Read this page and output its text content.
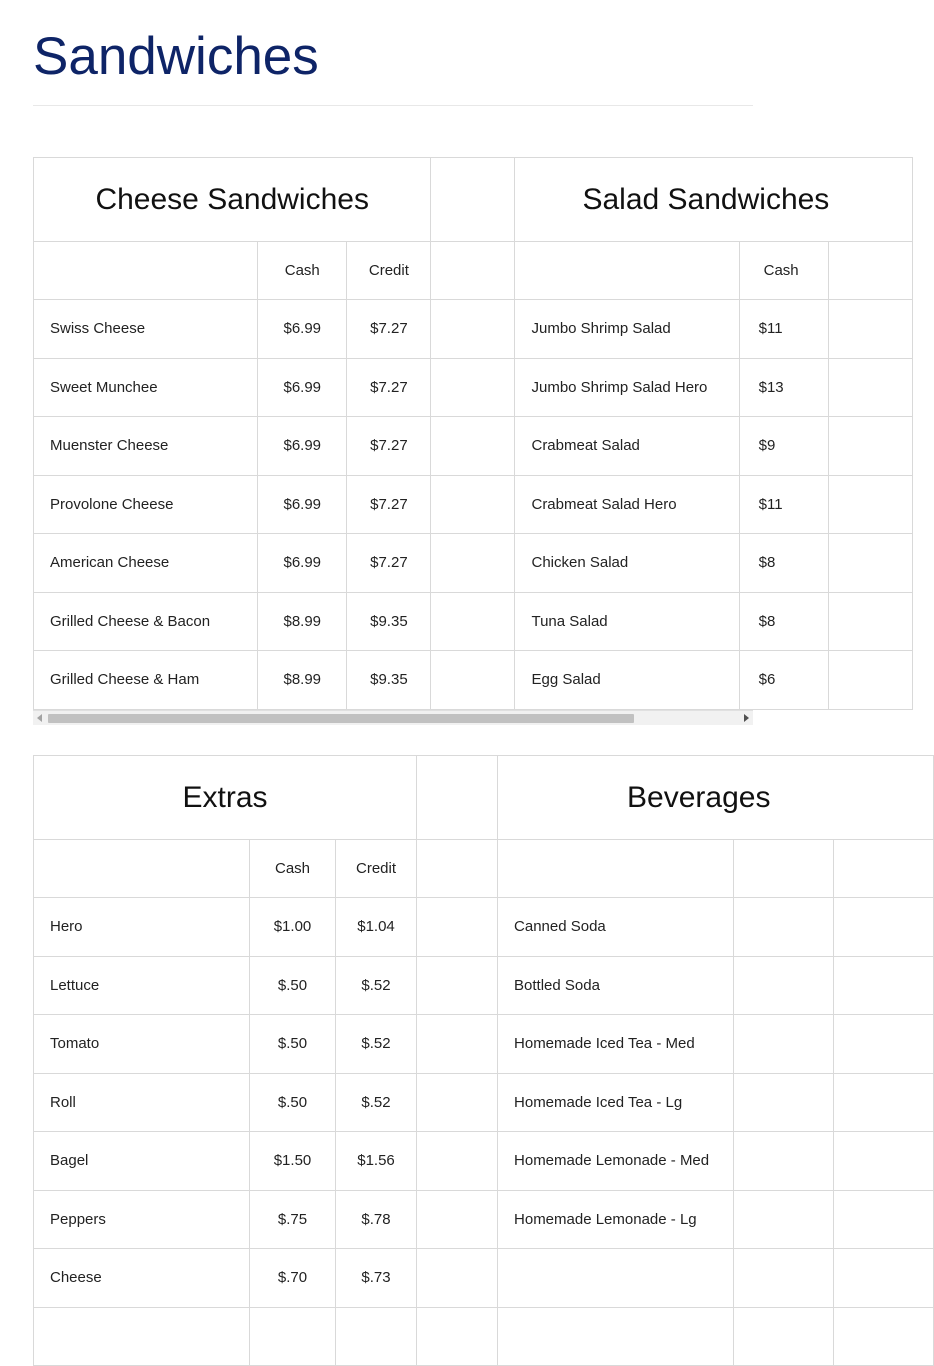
Sandwiches
Cheese Sandwiches				Salad Sandwiches		
	Cash	Credit			Cash	
Swiss Cheese	$6.99	$7.27		Jumbo Shrimp Salad	$11	
Sweet Munchee	$6.99	$7.27		Jumbo Shrimp Salad Hero	$13	
Muenster Cheese	$6.99	$7.27		Crabmeat Salad	$9	
Provolone Cheese	$6.99	$7.27		Crabmeat Salad Hero	$11	
American Cheese	$6.99	$7.27		Chicken Salad	$8	
Grilled Cheese & Bacon	$8.99	$9.35		Tuna Salad	$8	
Grilled Cheese & Ham	$8.99	$9.35		Egg Salad	$6	
Extras				Beverages		
	Cash	Credit				
Hero	$1.00	$1.04		Canned Soda		
Lettuce	$.50	$.52		Bottled Soda		
Tomato	$.50	$.52		Homemade Iced Tea - Med		
Roll	$.50	$.52		Homemade Iced Tea - Lg		
Bagel	$1.50	$1.56		Homemade Lemonade - Med		
Peppers	$.75	$.78		Homemade Lemonade - Lg		
Cheese	$.70	$.73				
